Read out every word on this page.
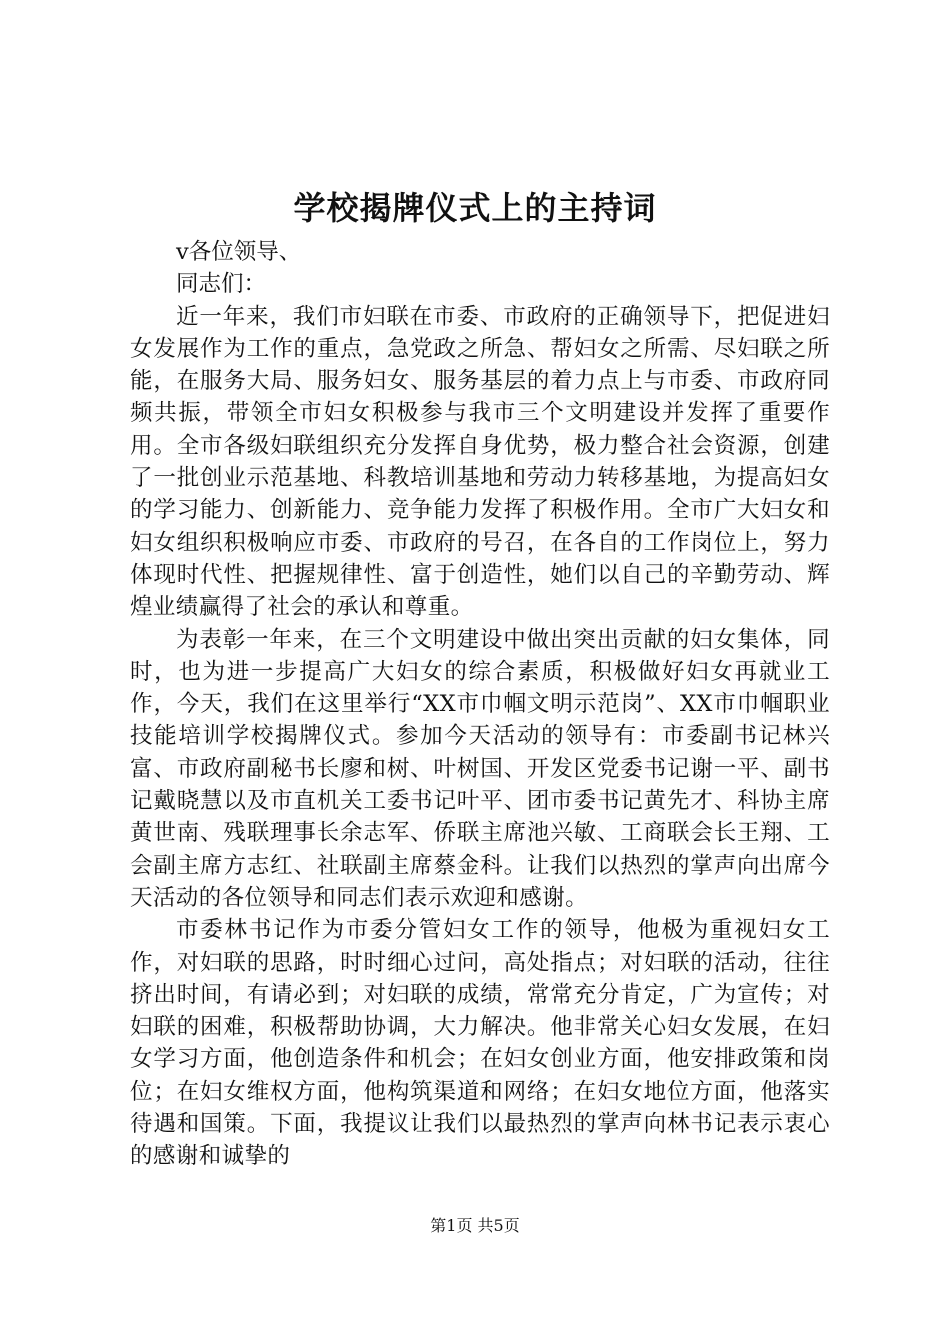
学校揭牌仪式上的主持词

v各位领导、

同志们：

近一年来，我们市妇联在市委、市政府的正确领导下，把促进妇女发展作为工作的重点，急党政之所急、帮妇女之所需、尽妇联之所能，在服务大局、服务妇女、服务基层的着力点上与市委、市政府同频共振，带领全市妇女积极参与我市三个文明建设并发挥了重要作用。全市各级妇联组织充分发挥自身优势，极力整合社会资源，创建了一批创业示范基地、科教培训基地和劳动力转移基地，为提高妇女的学习能力、创新能力、竞争能力发挥了积极作用。全市广大妇女和妇女组织积极响应市委、市政府的号召，在各自的工作岗位上，努力体现时代性、把握规律性、富于创造性，她们以自己的辛勤劳动、辉煌业绩赢得了社会的承认和尊重。

为表彰一年来，在三个文明建设中做出突出贡献的妇女集体，同时，也为进一步提高广大妇女的综合素质，积极做好妇女再就业工作，今天，我们在这里举行“XX市巾帼文明示范岗”、XX市巾帼职业技能培训学校揭牌仪式。参加今天活动的领导有：市委副书记林兴富、市政府副秘书长廖和树、叶树国、开发区党委书记谢一平、副书记戴晓慧以及市直机关工委书记叶平、团市委书记黄先才、科协主席黄世南、残联理事长余志军、侨联主席池兴敏、工商联会长王翔、工会副主席方志红、社联副主席蔡金科。让我们以热烈的掌声向出席今天活动的各位领导和同志们表示欢迎和感谢。

市委林书记作为市委分管妇女工作的领导，他极为重视妇女工作，对妇联的思路，时时细心过问，高处指点；对妇联的活动，往往挤出时间，有请必到；对妇联的成绩，常常充分肯定，广为宣传；对妇联的困难，积极帮助协调，大力解决。他非常关心妇女发展，在妇女学习方面，他创造条件和机会；在妇女创业方面，他安排政策和岗位；在妇女维权方面，他构筑渠道和网络；在妇女地位方面，他落实待遇和国策。下面，我提议让我们以最热烈的掌声向林书记表示衷心的感谢和诚挚的

第1页 共5页
